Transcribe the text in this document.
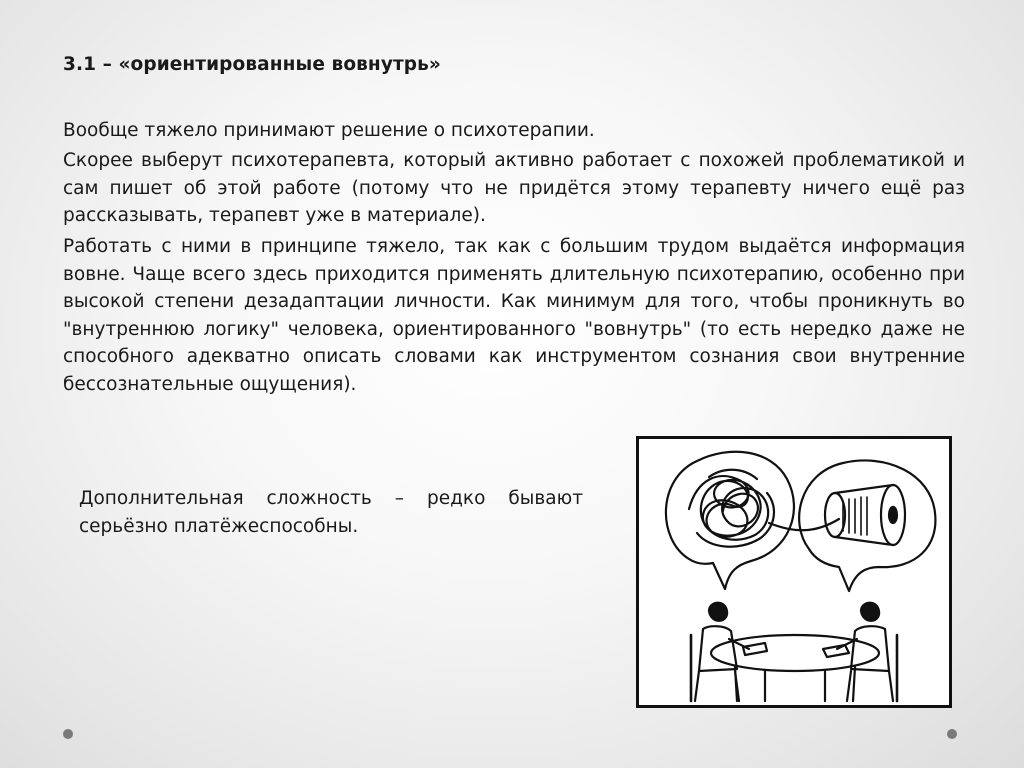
3.1 – «ориентированные вовнутрь»
Вообще тяжело принимают решение о психотерапии.
Скорее выберут психотерапевта, который активно работает с похожей проблематикой и сам пишет об этой работе (потому что не придётся этому терапевту ничего ещё раз рассказывать, терапевт уже в материале).
Работать с ними в принципе тяжело, так как с большим трудом выдаётся информация вовне. Чаще всего здесь приходится применять длительную психотерапию, особенно при высокой степени дезадаптации личности. Как минимум для того, чтобы проникнуть во "внутреннюю логику" человека, ориентированного "вовнутрь" (то есть нередко даже не способного адекватно описать словами как инструментом сознания свои внутренние бессознательные ощущения).
Дополнительная сложность – редко бывают серьёзно платёжеспособны.
